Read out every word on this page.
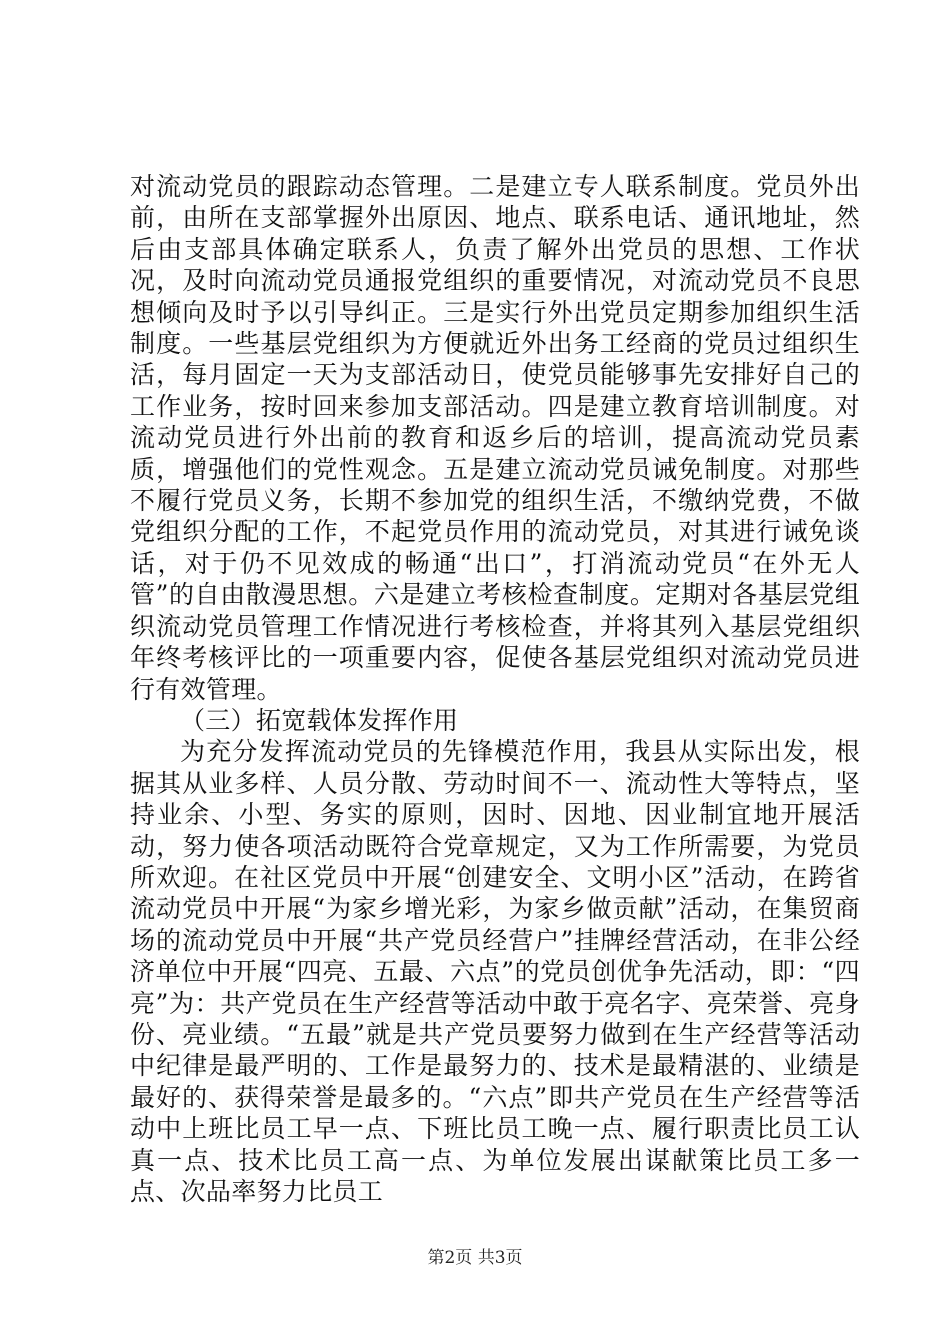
对流动党员的跟踪动态管理。二是建立专人联系制度。党员外出前，由所在支部掌握外出原因、地点、联系电话、通讯地址，然后由支部具体确定联系人，负责了解外出党员的思想、工作状况，及时向流动党员通报党组织的重要情况，对流动党员不良思想倾向及时予以引导纠正。三是实行外出党员定期参加组织生活制度。一些基层党组织为方便就近外出务工经商的党员过组织生活，每月固定一天为支部活动日，使党员能够事先安排好自己的工作业务，按时回来参加支部活动。四是建立教育培训制度。对流动党员进行外出前的教育和返乡后的培训，提高流动党员素质，增强他们的党性观念。五是建立流动党员诫免制度。对那些不履行党员义务，长期不参加党的组织生活，不缴纳党费，不做党组织分配的工作，不起党员作用的流动党员，对其进行诫免谈话，对于仍不见效成的畅通“出口”，打消流动党员“在外无人管”的自由散漫思想。六是建立考核检查制度。定期对各基层党组织流动党员管理工作情况进行考核检查，并将其列入基层党组织年终考核评比的一项重要内容，促使各基层党组织对流动党员进行有效管理。

（三）拓宽载体发挥作用

为充分发挥流动党员的先锋模范作用，我县从实际出发，根据其从业多样、人员分散、劳动时间不一、流动性大等特点，坚持业余、小型、务实的原则，因时、因地、因业制宜地开展活动，努力使各项活动既符合党章规定，又为工作所需要，为党员所欢迎。在社区党员中开展“创建安全、文明小区”活动，在跨省流动党员中开展“为家乡增光彩，为家乡做贡献”活动，在集贸商场的流动党员中开展“共产党员经营户”挂牌经营活动，在非公经济单位中开展“四亮、五最、六点”的党员创优争先活动，即：“四亮”为：共产党员在生产经营等活动中敢于亮名字、亮荣誉、亮身份、亮业绩。“五最”就是共产党员要努力做到在生产经营等活动中纪律是最严明的、工作是最努力的、技术是最精湛的、业绩是最好的、获得荣誉是最多的。“六点”即共产党员在生产经营等活动中上班比员工早一点、下班比员工晚一点、履行职责比员工认真一点、技术比员工高一点、为单位发展出谋献策比员工多一点、次品率努力比员工

第2页 共3页
